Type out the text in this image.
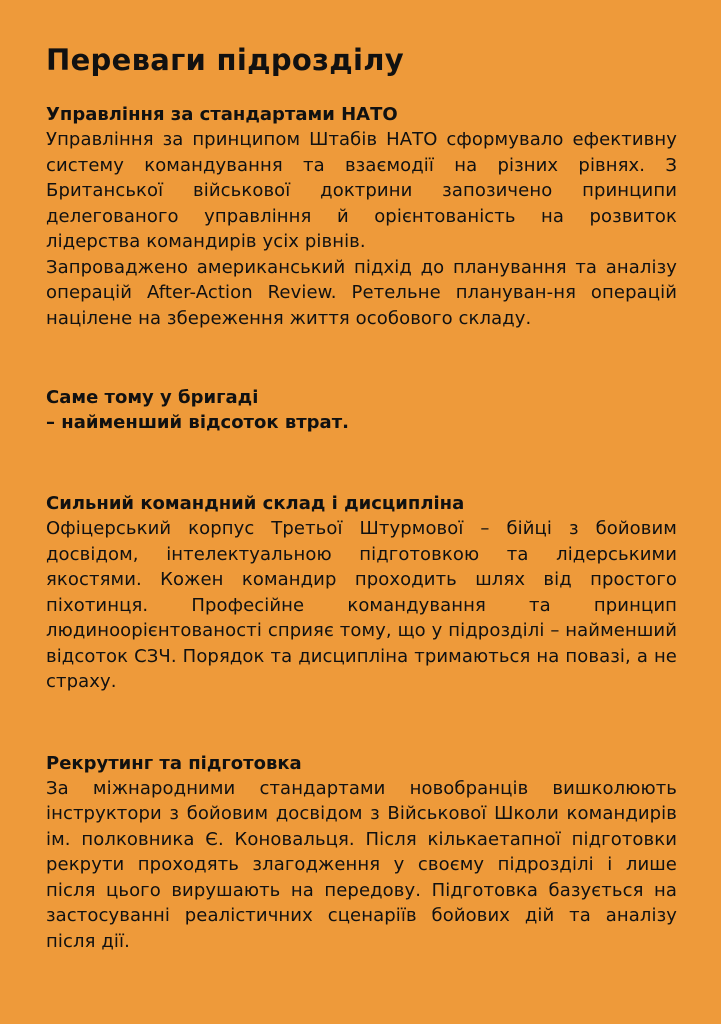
Переваги підрозділу
Управління за стандартами НАТО

Управління за принципом Штабів НАТО сформувало ефективну систему командування та взаємодії на різних рівнях. З Британської військової доктрини запозичено принципи делегованого управління й орієнтованість на розвиток лідерства командирів усіх рівнів.

Запроваджено американський підхід до планування та аналізу операцій After-Action Review. Ретельне плануван-ня операцій націлене на збереження життя особового складу.

Саме тому у бригаді

– найменший відсоток втрат.

Сильний командний склад і дисципліна

Офіцерський корпус Третьої Штурмової – бійці з бойовим досвідом, інтелектуальною підготовкою та лідерськими якостями. Кожен командир проходить шлях від простого піхотинця. Професійне командування та принцип людиноорієнтованості сприяє тому, що у підрозділі – найменший відсоток СЗЧ. Порядок та дисципліна тримаються на повазі, а не страху.

Рекрутинг та підготовка

За міжнародними стандартами новобранців вишколюють інструктори з бойовим досвідом з Військової Школи командирів ім. полковника Є. Коновальця. Після кількаетапної підготовки рекрути проходять злагодження у своєму підрозділі і лише після цього вирушають на передову. Підготовка базується на застосуванні реалістичних сценаріїв бойових дій та аналізу після дії.
